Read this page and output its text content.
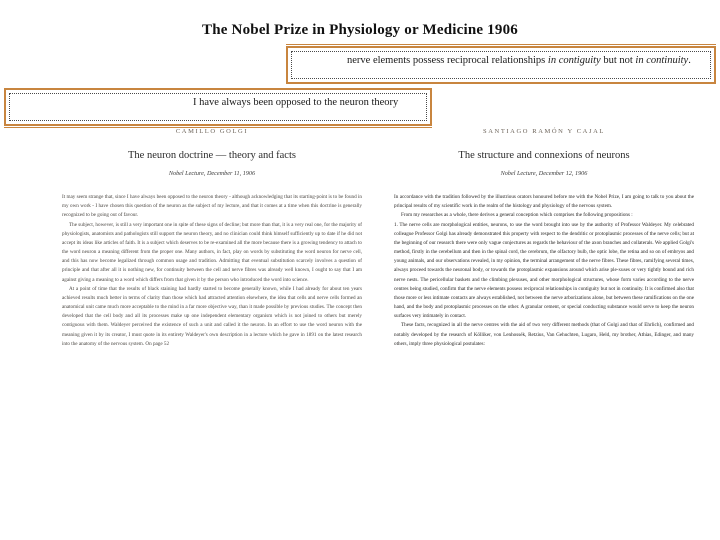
The Nobel Prize in Physiology or Medicine 1906
CAMILLO GOLGI
The neuron doctrine — theory and facts
Nobel Lecture, December 11, 1906

It may seem strange that, since I have always been opposed to the neuron theory - although acknowledging that its starting-point is to be found in my own work - I have chosen this question of the neuron as the subject of my lecture, and that it comes at a time when this doctrine is generally recognized to be going out of favour.

The subject, however, is still a very important one in spite of these signs of decline; but more than that, it is a very real one, for the majority of physiologists, anatomists and pathologists still support the neuron theory, and no clinician could think himself sufficiently up to date if he did not accept its ideas like articles of faith. It is a subject which deserves to be re-examined all the more because there is a growing tendency to attach to the word neuron a meaning different from the proper one. Many authors, in fact, play on words by substituting the word neuron for nerve cell, and this has now become legalized through common usage and tradition. Admitting that eventual substitution scarcely involves a question of principle and that after all it is nothing new, for continuity between the cell and nerve fibres was already well known, I ought to say that I am against giving a meaning to a word which differs from that given it by the person who introduced the word into science.

At a point of time that the results of black staining had hardly started to become generally known, while I had already for about ten years achieved results much better in terms of clarity than those which had attracted attention elsewhere, the idea that cells and nerve cells formed an anatomical unit came much more acceptable to the mind in a far more objective way, than it made possible by previous studies. The concept then developed that the cell body and all its processes make up one independent elementary organism which is not joined to others but merely contiguous with them. Waldeyer perceived the existence of such a unit and called it the neuron. In an effort to use the word neuron with the meaning given it by its creator, I must quote in its entirety Waldeyer's own description in a lecture which he gave in 1891 on the latest research into the anatomy of the nervous system. On page 52

SANTIAGO RAMÓN Y CAJAL
The structure and connexions of neurons
Nobel Lecture, December 12, 1906

In accordance with the tradition followed by the illustrious orators honoured before me with the Nobel Prize, I am going to talk to you about the principal results of my scientific work in the realm of the histology and physiology of the nervous system.

From my researches as a whole, there derives a general conception which comprises the following propositions :

1. The nerve cells are morphological entities, neurons, to use the word brought into use by the authority of Professor Waldeyer. My celebrated colleague Professor Golgi has already demonstrated this property with respect to the dendritic or protoplasmic processes of the nerve cells; but at the beginning of our research there were only vague conjectures as regards the behaviour of the axon branches and collaterals. We applied Golgi's method, firstly in the cerebellum and then in the spinal cord, the cerebrum, the olfactory bulb, the optic lobe, the retina and so on of embryos and young animals, and our observations revealed, in my opinion, the terminal arrangement of the nerve fibres. These fibres, ramifying several times, always proceed towards the neuronal body, or towards the protoplasmic expansions around which arise ple-xuses or very tightly bound and rich nerve nests. The pericellular baskets and the climbing plexuses, and other morphological structures, whose form varies according to the nerve centres being studied, confirm that the nerve elements possess reciprocal relationships in contiguity but not in continuity. It is confirmed also that those more or less intimate contacts are always established, not between the nerve arborizations alone, but between these ramifications on the one hand, and the body and protoplasmic processes on the other. A granular cement, or special conducting substance would serve to keep the neuron surfaces very intimately in contact.

These facts, recognized in all the nerve centres with the aid of two very different methods (that of Golgi and that of Ehrlich), confirmed and notably developed by the research of Kölliker, von Lenhossék, Retzius, Van Gehuchten, Lugaro, Held, my brother, Athias, Edinger, and many others, imply three physiological postulates:

nerve elements possess reciprocal relationships in contiguity but not in continuity.
I have always been opposed to the neuron theory
